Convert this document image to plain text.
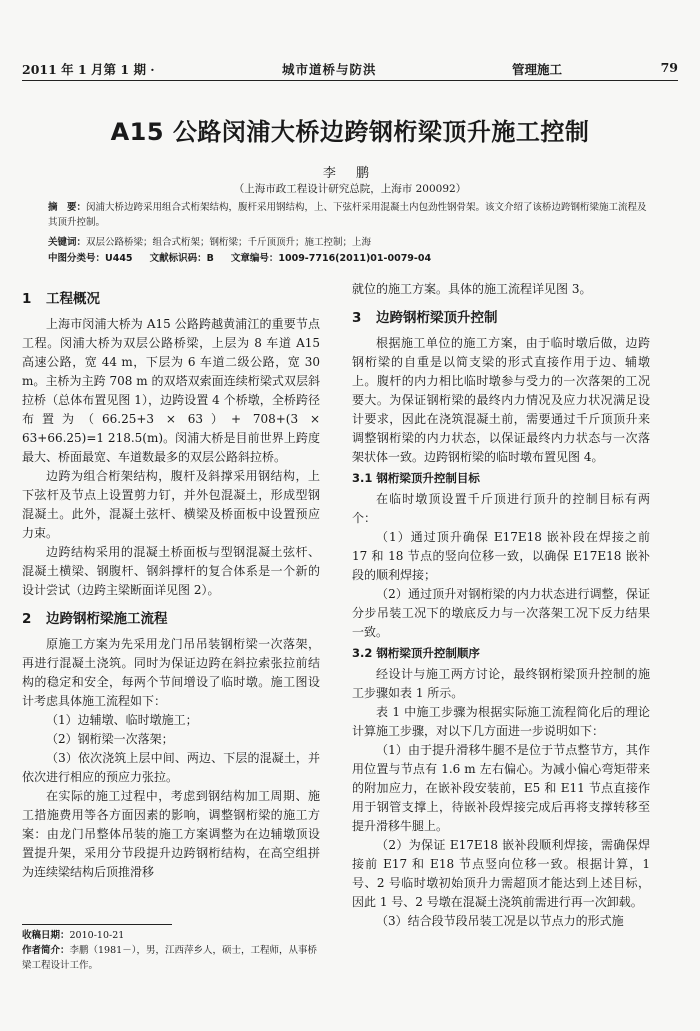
2011 年 1 月第 1 期 ·	城市道桥与防洪	管理施工	79
A15 公路闵浦大桥边跨钢桁梁顶升施工控制
李 鹏
（上海市政工程设计研究总院，上海市 200092）
摘　要：闵浦大桥边跨采用组合式桁架结构，腹杆采用钢结构，上、下弦杆采用混凝土内包劲性钢骨架。该文介绍了该桥边跨钢桁梁施工流程及其顶升控制。
关键词：双层公路桥梁；组合式桁架；钢桁梁；千斤顶顶升；施工控制；上海
中图分类号：U445 文献标识码：B 文章编号：1009-7716(2011)01-0079-04
1 工程概况

上海市闵浦大桥为 A15 公路跨越黄浦江的重要节点工程。闵浦大桥为双层公路桥梁，上层为 8 车道 A15 高速公路，宽 44 m，下层为 6 车道二级公路，宽 30 m。主桥为主跨 708 m 的双塔双索面连续桁梁式双层斜拉桥（总体布置见图 1），边跨设置 4 个桥墩，全桥跨径布置为（66.25+3 × 63）+ 708+(3 × 63+66.25)=1 218.5(m)。闵浦大桥是目前世界上跨度最大、桥面最宽、车道数最多的双层公路斜拉桥。

边跨为组合桁架结构，腹杆及斜撑采用钢结构，上下弦杆及节点上设置剪力钉，并外包混凝土，形成型钢混凝土。此外，混凝土弦杆、横梁及桥面板中设置预应力束。

边跨结构采用的混凝土桥面板与型钢混凝土弦杆、混凝土横梁、钢腹杆、钢斜撑杆的复合体系是一个新的设计尝试（边跨主梁断面详见图 2）。

2 边跨钢桁梁施工流程

原施工方案为先采用龙门吊吊装钢桁梁一次落架，再进行混凝土浇筑。同时为保证边跨在斜拉索张拉前结构的稳定和安全，每两个节间增设了临时墩。施工图设计考虑具体施工流程如下：

（1）边辅墩、临时墩施工；

（2）钢桁梁一次落架；

（3）依次浇筑上层中间、两边、下层的混凝土，并依次进行相应的预应力张拉。

在实际的施工过程中，考虑到钢结构加工周期、施工措施费用等各方面因素的影响，调整钢桁梁的施工方案：由龙门吊整体吊装的施工方案调整为在边辅墩顶设置提升架，采用分节段提升边跨钢桁结构，在高空组拼为连续梁结构后顶推滑移

就位的施工方案。具体的施工流程详见图 3。

3 边跨钢桁梁顶升控制

根据施工单位的施工方案，由于临时墩后做，边跨钢桁梁的自重是以简支梁的形式直接作用于边、辅墩上。腹杆的内力相比临时墩参与受力的一次落架的工况要大。为保证钢桁梁的最终内力情况及应力状况满足设计要求，因此在浇筑混凝土前，需要通过千斤顶顶升来调整钢桁梁的内力状态，以保证最终内力状态与一次落架状体一致。边跨钢桁梁的临时墩布置见图 4。

3.1 钢桁梁顶升控制目标

在临时墩顶设置千斤顶进行顶升的控制目标有两个：

（1）通过顶升确保 E17E18 嵌补段在焊接之前 17 和 18 节点的竖向位移一致，以确保 E17E18 嵌补段的顺利焊接；

（2）通过顶升对钢桁梁的内力状态进行调整，保证分步吊装工况下的墩底反力与一次落架工况下反力结果一致。

3.2 钢桁梁顶升控制顺序

经设计与施工两方讨论，最终钢桁梁顶升控制的施工步骤如表 1 所示。

表 1 中施工步骤为根据实际施工流程简化后的理论计算施工步骤，对以下几方面进一步说明如下：

（1）由于提升滑移牛腿不是位于节点整节方，其作用位置与节点有 1.6 m 左右偏心。为减小偏心弯矩带来的附加应力，在嵌补段安装前，E5 和 E11 节点直接作用于钢管支撑上，待嵌补段焊接完成后再将支撑转移至提升滑移牛腿上。

（2）为保证 E17E18 嵌补段顺利焊接，需确保焊接前 E17 和 E18 节点竖向位移一致。根据计算，1 号、2 号临时墩初始顶升力需超顶才能达到上述目标，因此 1 号、2 号墩在混凝土浇筑前需进行再一次卸载。

（3）结合段节段吊装工况是以节点力的形式施

收稿日期：2010-10-21
作者简介：李鹏（1981－），男，江西萍乡人，硕士，工程师，从事桥梁工程设计工作。
